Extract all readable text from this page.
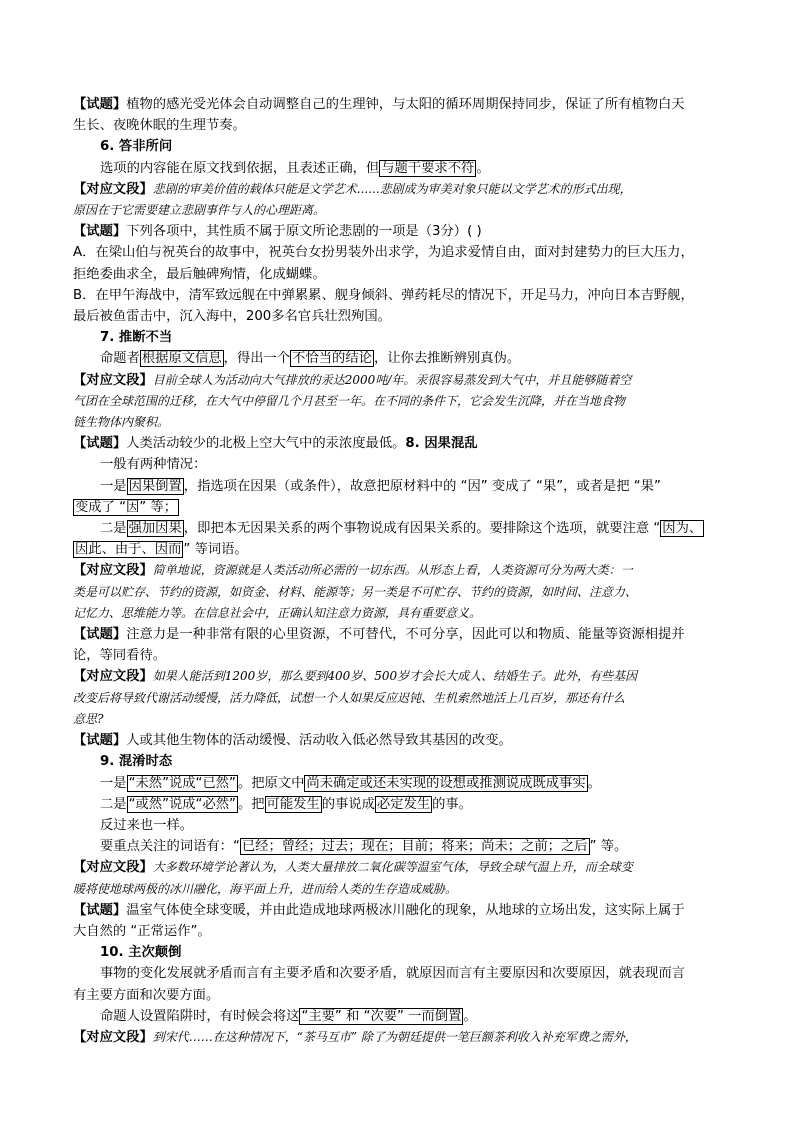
【试题】植物的感光受光体会自动调整自己的生理钟，与太阳的循环周期保持同步，保证了所有植物白天
生长、夜晚休眠的生理节奏。
6. 答非所问
选项的内容能在原文找到依据，且表述正确，但 与题干要求不符 。
【对应文段】悲剧的审美价值的载体只能是文学艺术......悲剧成为审美对象只能以文学艺术的形式出现，
原因在于它需要建立悲剧事件与人的心理距离。
【试题】下列各项中，其性质不属于原文所论悲剧的一项是（3分）( )
A．在梁山伯与祝英台的故事中，祝英台女扮男装外出求学，为追求爱情自由，面对封建势力的巨大压力，
拒绝委曲求全，最后触碑殉情，化成蝴蝶。
B．在甲午海战中，清军致远舰在中弹累累、舰身倾斜、弹药耗尽的情况下，开足马力，冲向日本吉野舰，
最后被鱼雷击中，沉入海中，200多名官兵壮烈殉国。
7. 推断不当
命题者 根据原文信息 ，得出一个 不恰当的结论 ，让你去推断辨别真伪。
【对应文段】目前全球人为活动向大气排放的汞达2000吨/年。汞很容易蒸发到大气中，并且能够随着空
气团在全球范围的迁移，在大气中停留几个月甚至一年。在不同的条件下，它会发生沉降，并在当地食物
链生物体内聚积。
【试题】人类活动较少的北极上空大气中的汞浓度最低。8. 因果混乱
一般有两种情况：
一是 因果倒置 ，指选项在因果（或条件），故意把原材料中的 “因” 变成了 “果”，或者是把 “果”
变成了 “因” 等；
二是 强加因果 ，即把本无因果关系的两个事物说成有因果关系的。要排除这个选项，就要注意 “ 因为、
因此、由于、因而 ” 等词语。
【对应文段】简单地说，资源就是人类活动所必需的一切东西。从形态上看，人类资源可分为两大类：一
类是可以贮存、节约的资源，如资金、材料、能源等；另一类是不可贮存、节约的资源，如时间、注意力、
记忆力、思维能力等。在信息社会中，正确认知注意力资源，具有重要意义。
【试题】注意力是一种非常有限的心里资源，不可替代，不可分享，因此可以和物质、能量等资源相提并
论，等同看待。
【对应文段】如果人能活到1200岁，那么要到400岁、500岁才会长大成人、结婚生子。此外，有些基因
改变后将导致代谢活动缓慢，活力降低，试想一个人如果反应迟钝、生机索然地活上几百岁，那还有什么
意思?
【试题】人或其他生物体的活动缓慢、活动收入低必然导致其基因的改变。
9. 混淆时态
一是 “未然”说成“已然” 。把原文中 尚未确定或还未实现的设想或推测说成既成事实 。
二是 “或然”说成“必然” 。把 可能发生 的事说成 必定发生 的事。
反过来也一样。
要重点关注的词语有：“ 已经；曾经；过去；现在；目前；将来；尚未；之前；之后 ” 等。
【对应文段】大多数环境学论著认为，人类大量排放二氧化碳等温室气体，导致全球气温上升，而全球变
暖将使地球两极的冰川融化，海平面上升，进而给人类的生存造成威胁。
【试题】温室气体使全球变暖，并由此造成地球两极冰川融化的现象，从地球的立场出发，这实际上属于
大自然的 “正常运作”。
10. 主次颠倒
事物的变化发展就矛盾而言有主要矛盾和次要矛盾，就原因而言有主要原因和次要原因，就表现而言
有主要方面和次要方面。
命题人设置陷阱时，有时候会将这 “主要” 和 “次要” 一而倒置 。
【对应文段】到宋代……在这种情况下，“茶马互市” 除了为朝廷提供一笔巨额茶利收入补充军费之需外，
